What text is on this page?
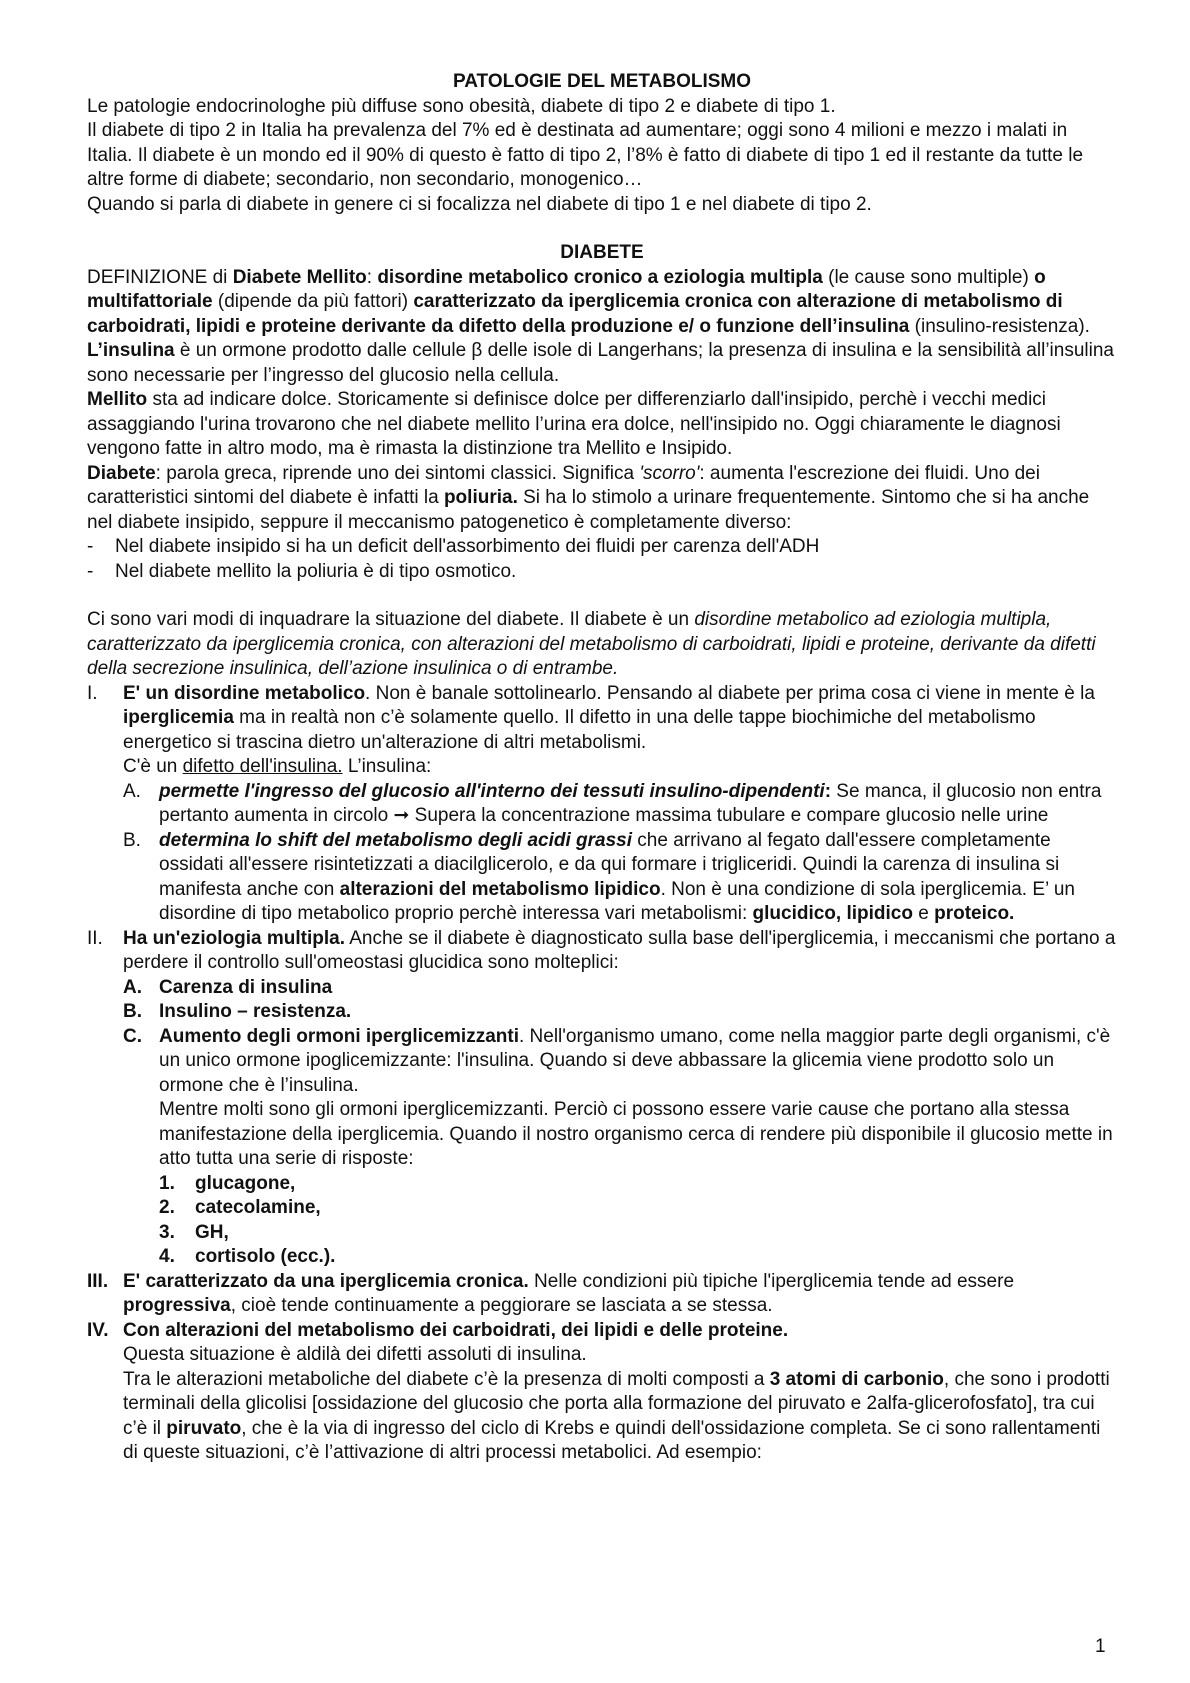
PATOLOGIE DEL METABOLISMO

Le patologie endocrinologhe più diffuse sono obesità, diabete di tipo 2 e diabete di tipo 1.

Il diabete di tipo 2 in Italia ha prevalenza del 7% ed è destinata ad aumentare; oggi sono 4 milioni e mezzo i malati in Italia. Il diabete è un mondo ed il 90% di questo è fatto di tipo 2, l’8% è fatto di diabete di tipo 1 ed il restante da tutte le altre forme di diabete; secondario, non secondario, monogenico…

Quando si parla di diabete in genere ci si focalizza nel diabete di tipo 1 e nel diabete di tipo 2.

DIABETE

DEFINIZIONE di Diabete Mellito: disordine metabolico cronico a eziologia multipla (le cause sono multiple) o multifattoriale (dipende da più fattori) caratterizzato da iperglicemia cronica con alterazione di metabolismo di carboidrati, lipidi e proteine derivante da difetto della produzione e/ o funzione dell’insulina (insulino-resistenza).

L’insulina è un ormone prodotto dalle cellule β delle isole di Langerhans; la presenza di insulina e la sensibilità all’insulina sono necessarie per l’ingresso del glucosio nella cellula.

Mellito sta ad indicare dolce. Storicamente si definisce dolce per differenziarlo dall'insipido, perchè i vecchi medici assaggiando l'urina trovarono che nel diabete mellito l’urina era dolce, nell'insipido no. Oggi chiaramente le diagnosi vengono fatte in altro modo, ma è rimasta la distinzione tra Mellito e Insipido.

Diabete: parola greca, riprende uno dei sintomi classici. Significa 'scorro': aumenta l'escrezione dei fluidi. Uno dei caratteristici sintomi del diabete è infatti la poliuria. Si ha lo stimolo a urinare frequentemente. Sintomo che si ha anche nel diabete insipido, seppure il meccanismo patogenetico è completamente diverso:

- Nel diabete insipido si ha un deficit dell'assorbimento dei fluidi per carenza dell'ADH
- Nel diabete mellito la poliuria è di tipo osmotico.

Ci sono vari modi di inquadrare la situazione del diabete. Il diabete è un disordine metabolico ad eziologia multipla, caratterizzato da iperglicemia cronica, con alterazioni del metabolismo di carboidrati, lipidi e proteine, derivante da difetti della secrezione insulinica, dell’azione insulinica o di entrambe.

I. E' un disordine metabolico. Non è banale sottolinearlo. Pensando al diabete per prima cosa ci viene in mente è la iperglicemia ma in realtà non c’è solamente quello. Il difetto in una delle tappe biochimiche del metabolismo energetico si trascina dietro un'alterazione di altri metabolismi.

C'è un difetto dell'insulina. L’insulina:

A. permette l'ingresso del glucosio all'interno dei tessuti insulino-dipendenti: Se manca, il glucosio non entra pertanto aumenta in circolo ➞ Supera la concentrazione massima tubulare e compare glucosio nelle urine

B. determina lo shift del metabolismo degli acidi grassi che arrivano al fegato dall'essere completamente ossidati all'essere risintetizzati a diacilglicerolo, e da qui formare i trigliceridi. Quindi la carenza di insulina si manifesta anche con alterazioni del metabolismo lipidico. Non è una condizione di sola iperglicemia. E’ un disordine di tipo metabolico proprio perchè interessa vari metabolismi: glucidico, lipidico e proteico.

II. Ha un'eziologia multipla. Anche se il diabete è diagnosticato sulla base dell'iperglicemia, i meccanismi che portano a perdere il controllo sull'omeostasi glucidica sono molteplici:

A. Carenza di insulina
B. Insulino – resistenza.
C. Aumento degli ormoni iperglicemizzanti. Nell'organismo umano, come nella maggior parte degli organismi, c'è un unico ormone ipoglicemizzante: l'insulina. Quando si deve abbassare la glicemia viene prodotto solo un ormone che è l’insulina.

Mentre molti sono gli ormoni iperglicemizzanti. Perciò ci possono essere varie cause che portano alla stessa manifestazione della iperglicemia. Quando il nostro organismo cerca di rendere più disponibile il glucosio mette in atto tutta una serie di risposte:

1. glucagone,
2. catecolamine,
3. GH,
4. cortisolo (ecc.).
III. E' caratterizzato da una iperglicemia cronica. Nelle condizioni più tipiche l'iperglicemia tende ad essere progressiva, cioè tende continuamente a peggiorare se lasciata a se stessa.

IV. Con alterazioni del metabolismo dei carboidrati, dei lipidi e delle proteine.

Questa situazione è aldilà dei difetti assoluti di insulina.

Tra le alterazioni metaboliche del diabete c’è la presenza di molti composti a 3 atomi di carbonio, che sono i prodotti terminali della glicolisi [ossidazione del glucosio che porta alla formazione del piruvato e 2alfa-glicerofosfato], tra cui c’è il piruvato, che è la via di ingresso del ciclo di Krebs e quindi dell'ossidazione completa. Se ci sono rallentamenti di queste situazioni, c’è l’attivazione di altri processi metabolici. Ad esempio:

1
